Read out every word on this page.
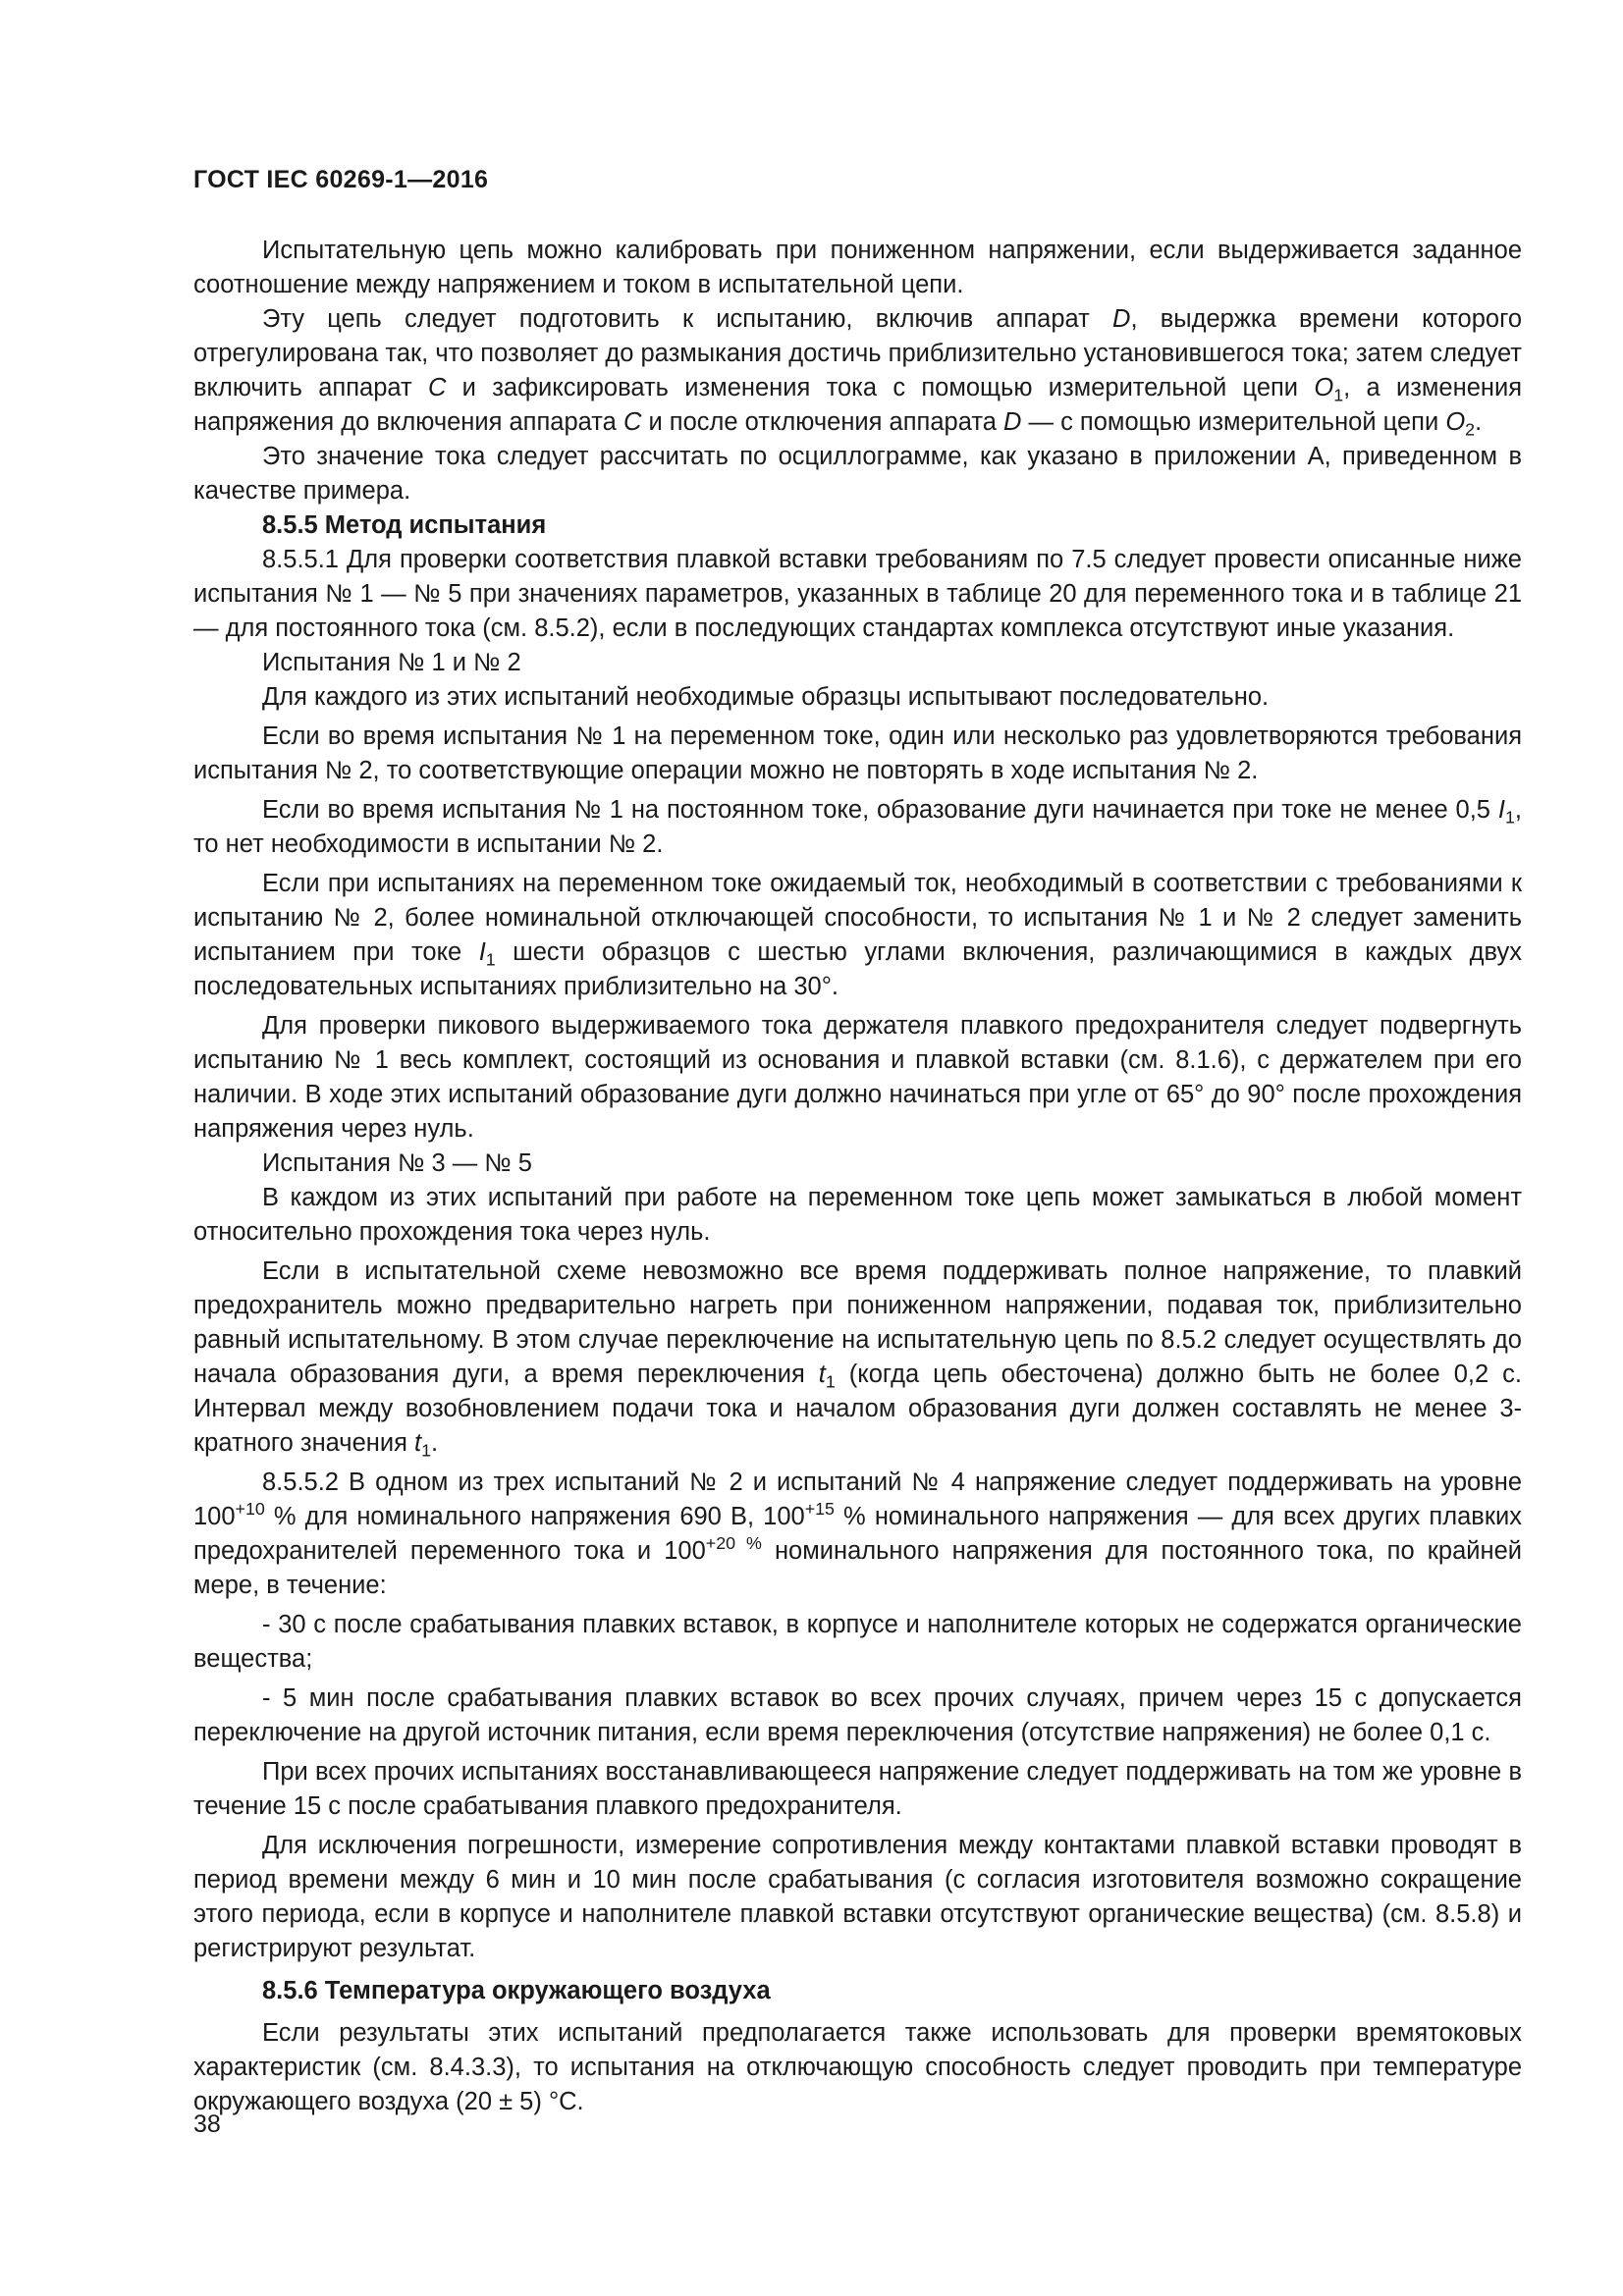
ГОСТ IEC 60269-1—2016

Испытательную цепь можно калибровать при пониженном напряжении, если выдерживается заданное соотношение между напряжением и током в испытательной цепи.

Эту цепь следует подготовить к испытанию, включив аппарат D, выдержка времени которого отрегулирована так, что позволяет до размыкания достичь приблизительно установившегося тока; затем следует включить аппарат C и зафиксировать изменения тока с помощью измерительной цепи $O_1$, а изменения напряжения до включения аппарата C и после отключения аппарата D — с помощью измерительной цепи $O_2$.

Это значение тока следует рассчитать по осциллограмме, как указано в приложении А, приведенном в качестве примера.

8.5.5 Метод испытания

8.5.5.1 Для проверки соответствия плавкой вставки требованиям по 7.5 следует провести описанные ниже испытания № 1 — № 5 при значениях параметров, указанных в таблице 20 для переменного тока и в таблице 21 — для постоянного тока (см. 8.5.2), если в последующих стандартах комплекса отсутствуют иные указания.

Испытания № 1 и № 2

Для каждого из этих испытаний необходимые образцы испытывают последовательно.

Если во время испытания № 1 на переменном токе, один или несколько раз удовлетворяются требования испытания № 2, то соответствующие операции можно не повторять в ходе испытания № 2.

Если во время испытания № 1 на постоянном токе, образование дуги начинается при токе не менее 0,5 $I_1$, то нет необходимости в испытании № 2.

Если при испытаниях на переменном токе ожидаемый ток, необходимый в соответствии с требованиями к испытанию № 2, более номинальной отключающей способности, то испытания № 1 и № 2 следует заменить испытанием при токе $I_1$ шести образцов с шестью углами включения, различающимися в каждых двух последовательных испытаниях приблизительно на 30°.

Для проверки пикового выдерживаемого тока держателя плавкого предохранителя следует подвергнуть испытанию № 1 весь комплект, состоящий из основания и плавкой вставки (см. 8.1.6), с держателем при его наличии. В ходе этих испытаний образование дуги должно начинаться при угле от 65° до 90° после прохождения напряжения через нуль.

Испытания № 3 — № 5

В каждом из этих испытаний при работе на переменном токе цепь может замыкаться в любой момент относительно прохождения тока через нуль.

Если в испытательной схеме невозможно все время поддерживать полное напряжение, то плавкий предохранитель можно предварительно нагреть при пониженном напряжении, подавая ток, приблизительно равный испытательному. В этом случае переключение на испытательную цепь по 8.5.2 следует осуществлять до начала образования дуги, а время переключения $t_1$ (когда цепь обесточена) должно быть не более 0,2 с. Интервал между возобновлением подачи тока и началом образования дуги должен составлять не менее 3-кратного значения $t_1$.

8.5.5.2 В одном из трех испытаний № 2 и испытаний № 4 напряжение следует поддерживать на уровне $100^{+10}$ % для номинального напряжения 690 В, $100^{+15}$ % номинального напряжения — для всех других плавких предохранителей переменного тока и $100^{+20 \%}$ номинального напряжения для постоянного тока, по крайней мере, в течение:

- 30 с после срабатывания плавких вставок, в корпусе и наполнителе которых не содержатся органические вещества;

- 5 мин после срабатывания плавких вставок во всех прочих случаях, причем через 15 с допускается переключение на другой источник питания, если время переключения (отсутствие напряжения) не более 0,1 с.

При всех прочих испытаниях восстанавливающееся напряжение следует поддерживать на том же уровне в течение 15 с после срабатывания плавкого предохранителя.

Для исключения погрешности, измерение сопротивления между контактами плавкой вставки проводят в период времени между 6 мин и 10 мин после срабатывания (с согласия изготовителя возможно сокращение этого периода, если в корпусе и наполнителе плавкой вставки отсутствуют органические вещества) (см. 8.5.8) и регистрируют результат.

8.5.6 Температура окружающего воздуха

Если результаты этих испытаний предполагается также использовать для проверки времятоковых характеристик (см. 8.4.3.3), то испытания на отключающую способность следует проводить при температуре окружающего воздуха (20 ± 5) °С.

38
